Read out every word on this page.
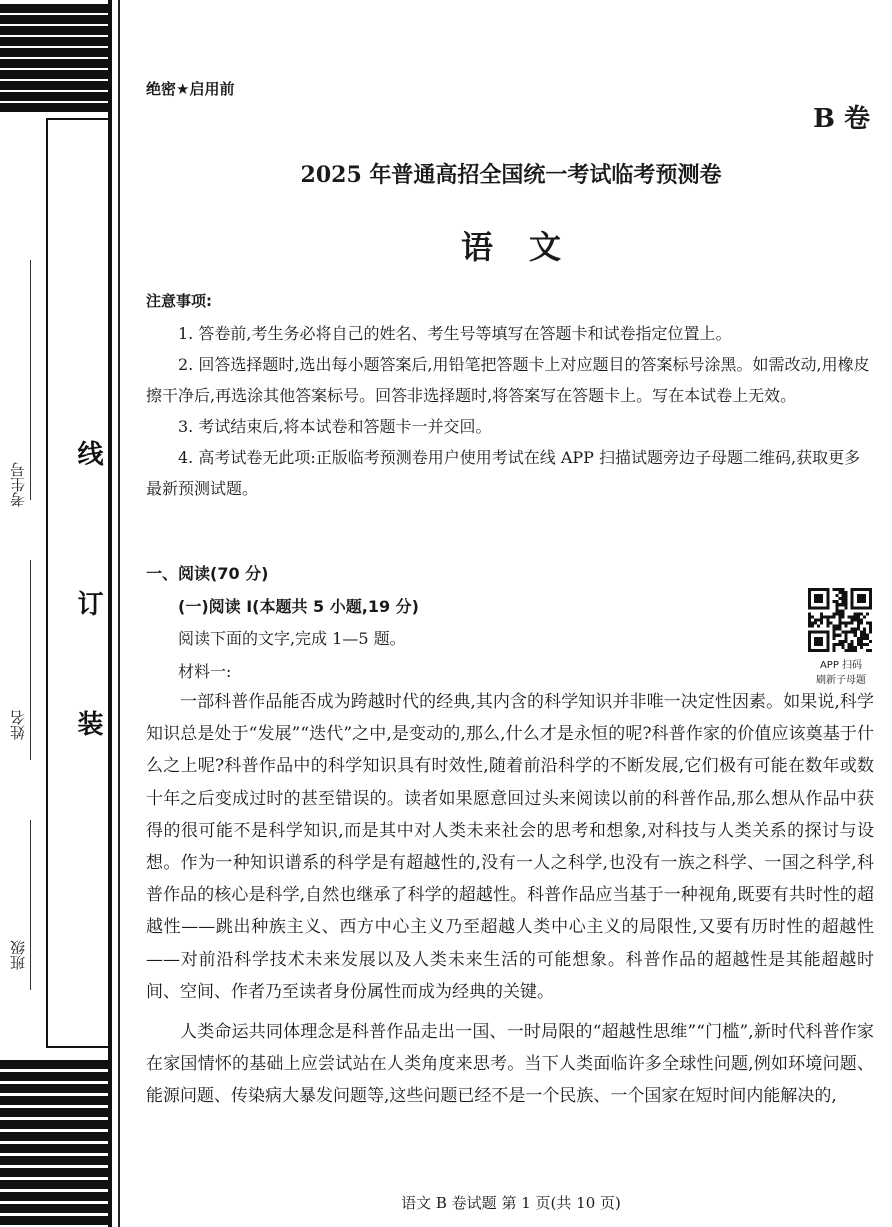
考生号
线
订
姓名 装
班级
绝密★启用前
B 卷
2025 年普通高招全国统一考试临考预测卷
语文
注意事项:

1. 答卷前,考生务必将自己的姓名、考生号等填写在答题卡和试卷指定位置上。

2. 回答选择题时,选出每小题答案后,用铅笔把答题卡上对应题目的答案标号涂黑。如需改动,用橡皮擦干净后,再选涂其他答案标号。回答非选择题时,将答案写在答题卡上。写在本试卷上无效。

3. 考试结束后,将本试卷和答题卡一并交回。

4. 高考试卷无此项:正版临考预测卷用户使用考试在线 APP 扫描试题旁边子母题二维码,获取更多最新预测试题。

一、阅读(70 分)
(一)阅读 I(本题共 5 小题,19 分)
阅读下面的文字,完成 1—5 题。
材料一:

一部科普作品能否成为跨越时代的经典,其内含的科学知识并非唯一决定性因素。如果说,科学知识总是处于“发展”“迭代”之中,是变动的,那么,什么才是永恒的呢?科普作家的价值应该奠基于什么之上呢?科普作品中的科学知识具有时效性,随着前沿科学的不断发展,它们极有可能在数年或数十年之后变成过时的甚至错误的。读者如果愿意回过头来阅读以前的科普作品,那么想从作品中获得的很可能不是科学知识,而是其中对人类未来社会的思考和想象,对科技与人类关系的探讨与设想。作为一种知识谱系的科学是有超越性的,没有一人之科学,也没有一族之科学、一国之科学,科普作品的核心是科学,自然也继承了科学的超越性。科普作品应当基于一种视角,既要有共时性的超越性——跳出种族主义、西方中心主义乃至超越人类中心主义的局限性,又要有历时性的超越性——对前沿科学技术未来发展以及人类未来生活的可能想象。科普作品的超越性是其能超越时间、空间、作者乃至读者身份属性而成为经典的关键。

人类命运共同体理念是科普作品走出一国、一时局限的“超越性思维”“门槛”,新时代科普作家在家国情怀的基础上应尝试站在人类角度来思考。当下人类面临许多全球性问题,例如环境问题、能源问题、传染病大暴发问题等,这些问题已经不是一个民族、一个国家在短时间内能解决的,

APP 扫码
刷新子母题
语文 B 卷试题 第 1 页(共 10 页)
